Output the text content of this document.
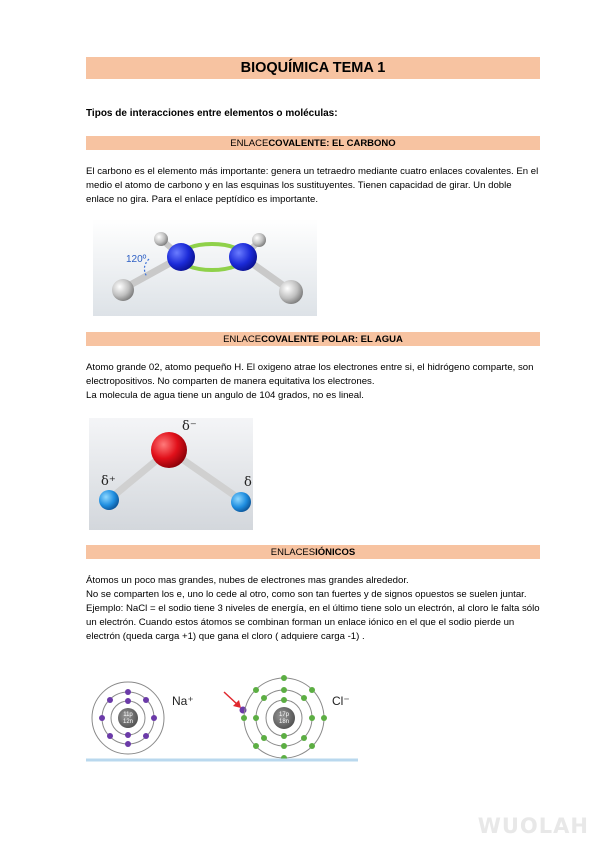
BIOQUÍMICA TEMA 1
Tipos de interacciones entre elementos o moléculas:
ENLACE COVALENTE: EL CARBONO

El carbono es el elemento más importante: genera un tetraedro mediante cuatro enlaces covalentes. En el medio el atomo de carbono y en las esquinas los sustituyentes. Tienen capacidad de girar. Un doble enlace no gira. Para el enlace peptídico es importante.

120º
ENLACE COVALENTE POLAR: EL AGUA

Atomo grande 02, atomo pequeño H. El oxigeno atrae los electrones entre si, el hidrógeno comparte, son electropositivos. No comparten de manera equitativa los electrones.

La molecula de agua tiene un angulo de 104 grados, no es lineal.

δ⁻
δ⁺	δ
ENLACES IÓNICOS

Átomos un poco mas grandes, nubes de electrones mas grandes alrededor.

No se comparten los e, uno lo cede al otro, como son tan fuertes y de signos opuestos se suelen juntar. Ejemplo: NaCl = el sodio tiene 3 niveles de energía, en el último tiene solo un electrón, al cloro le falta sólo un electrón. Cuando estos átomos se combinan forman un enlace iónico en el que el sodio pierde un electrón (queda carga +1) que gana el cloro ( adquiere carga -1) .

11p
12n
Na⁺
17p
18n
Cl⁻
WUOLAH
